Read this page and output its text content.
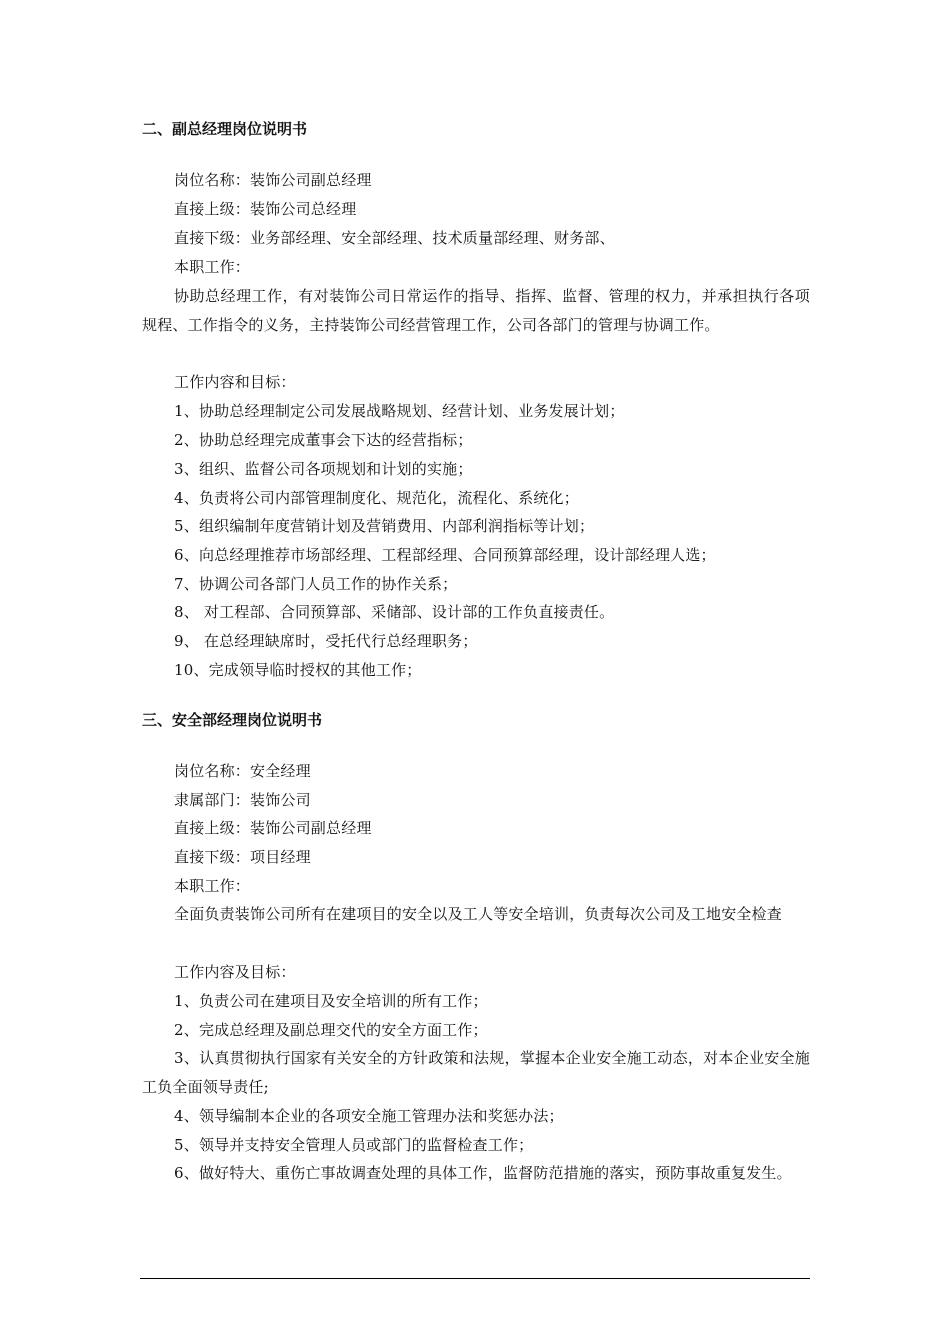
二、副总经理岗位说明书
岗位名称：装饰公司副总经理
直接上级：装饰公司总经理
直接下级：业务部经理、安全部经理、技术质量部经理、财务部、
本职工作：
协助总经理工作，有对装饰公司日常运作的指导、指挥、监督、管理的权力，并承担执行各项规程、工作指令的义务，主持装饰公司经营管理工作，公司各部门的管理与协调工作。
工作内容和目标：
1、协助总经理制定公司发展战略规划、经营计划、业务发展计划；
2、协助总经理完成董事会下达的经营指标；
3、组织、监督公司各项规划和计划的实施；
4、负责将公司内部管理制度化、规范化，流程化、系统化；
5、组织编制年度营销计划及营销费用、内部利润指标等计划；
6、向总经理推荐市场部经理、工程部经理、合同预算部经理，设计部经理人选；
7、协调公司各部门人员工作的协作关系；
8、 对工程部、合同预算部、采储部、设计部的工作负直接责任。
9、 在总经理缺席时，受托代行总经理职务；
10、完成领导临时授权的其他工作；
三、安全部经理岗位说明书
岗位名称：安全经理
隶属部门：装饰公司
直接上级：装饰公司副总经理
直接下级：项目经理
本职工作：
全面负责装饰公司所有在建项目的安全以及工人等安全培训，负责每次公司及工地安全检查
工作内容及目标：
1、负责公司在建项目及安全培训的所有工作；
2、完成总经理及副总理交代的安全方面工作；
3、认真贯彻执行国家有关安全的方针政策和法规，掌握本企业安全施工动态，对本企业安全施工负全面领导责任;
4、领导编制本企业的各项安全施工管理办法和奖惩办法；
5、领导并支持安全管理人员或部门的监督检查工作；
6、做好特大、重伤亡事故调查处理的具体工作，监督防范措施的落实，预防事故重复发生。
